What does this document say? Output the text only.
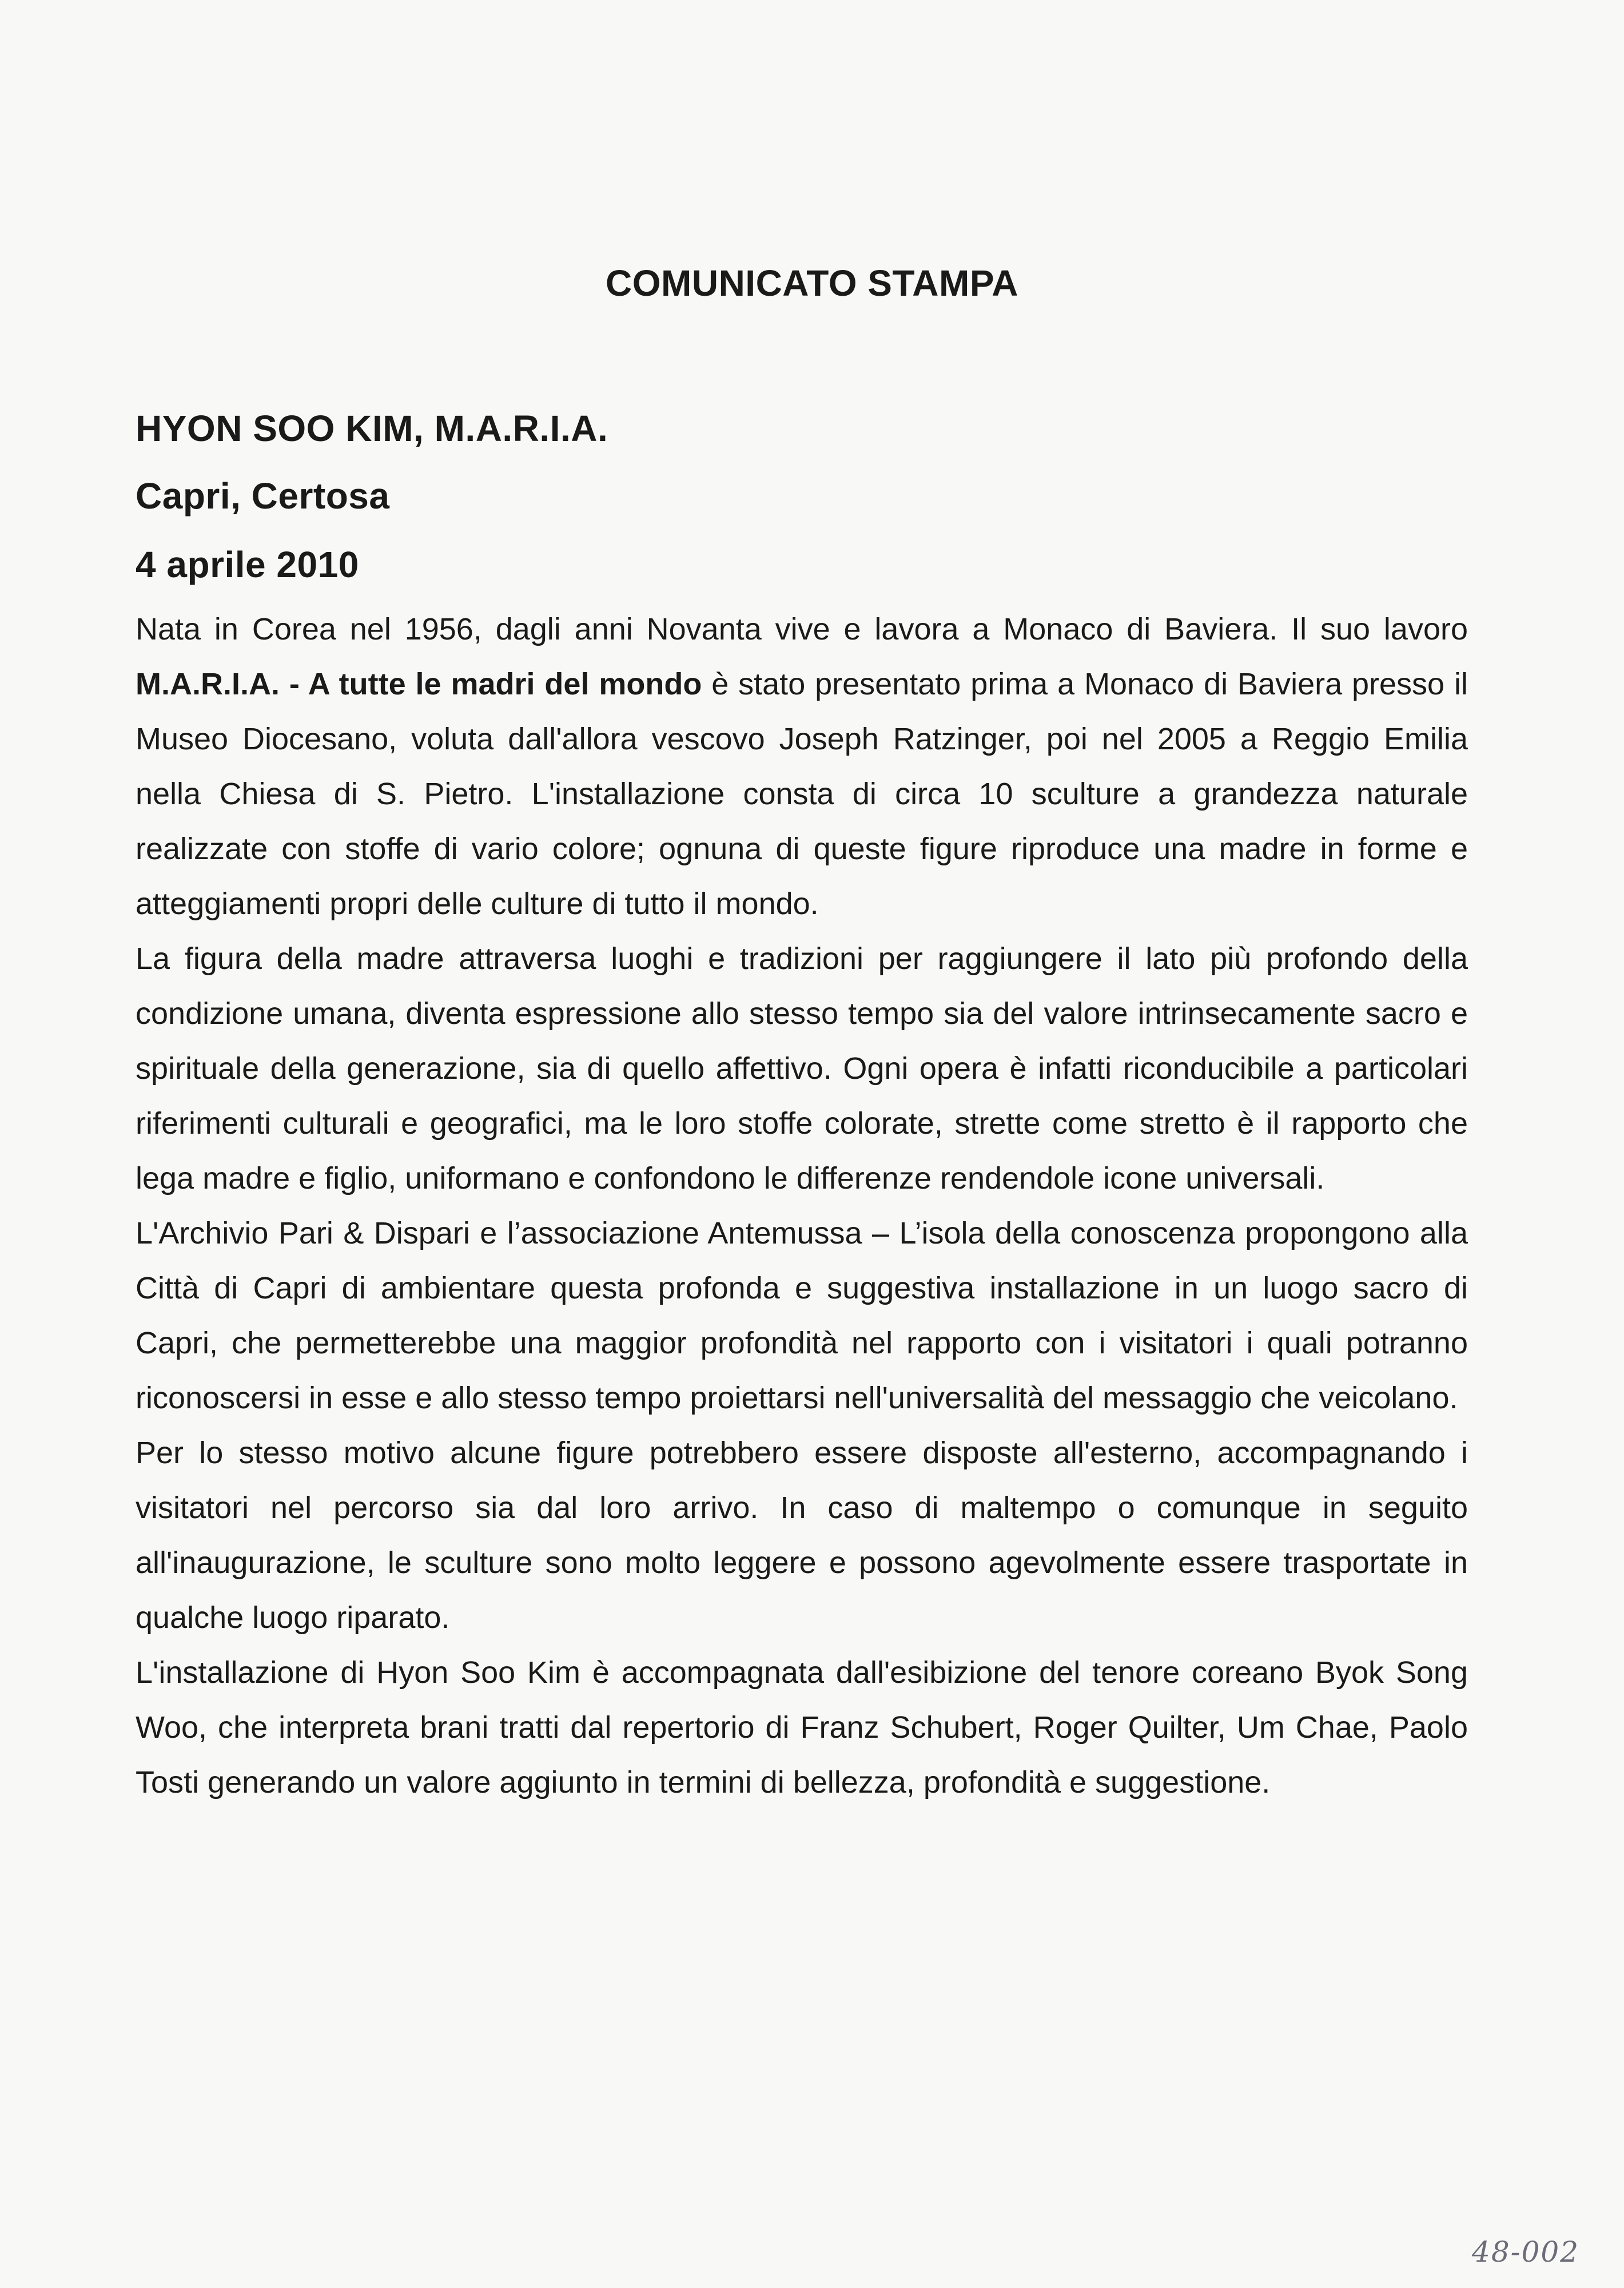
COMUNICATO STAMPA
HYON SOO KIM, M.A.R.I.A.
Capri, Certosa
4 aprile 2010

Nata in Corea nel 1956, dagli anni Novanta vive e lavora a Monaco di Baviera. Il suo lavoro M.A.R.I.A. - A tutte le madri del mondo è stato presentato prima a Monaco di Baviera presso il Museo Diocesano, voluta dall'allora vescovo Joseph Ratzinger, poi nel 2005 a Reggio Emilia nella Chiesa di S. Pietro. L'installazione consta di circa 10 sculture a grandezza naturale realizzate con stoffe di vario colore; ognuna di queste figure riproduce una madre in forme e atteggiamenti propri delle culture di tutto il mondo.

La figura della madre attraversa luoghi e tradizioni per raggiungere il lato più profondo della condizione umana, diventa espressione allo stesso tempo sia del valore intrinsecamente sacro e spirituale della generazione, sia di quello affettivo. Ogni opera è infatti riconducibile a particolari riferimenti culturali e geografici, ma le loro stoffe colorate, strette come stretto è il rapporto che lega madre e figlio, uniformano e confondono le differenze rendendole icone universali.

L'Archivio Pari & Dispari e l’associazione Antemussa – L’isola della conoscenza propongono alla Città di Capri di ambientare questa profonda e suggestiva installazione in un luogo sacro di Capri, che permetterebbe una maggior profondità nel rapporto con i visitatori i quali potranno riconoscersi in esse e allo stesso tempo proiettarsi nell'universalità del messaggio che veicolano.

Per lo stesso motivo alcune figure potrebbero essere disposte all'esterno, accompagnando i visitatori nel percorso sia dal loro arrivo. In caso di maltempo o comunque in seguito all'inaugurazione, le sculture sono molto leggere e possono agevolmente essere trasportate in qualche luogo riparato.

L'installazione di Hyon Soo Kim è accompagnata dall'esibizione del tenore coreano Byok Song Woo, che interpreta brani tratti dal repertorio di Franz Schubert, Roger Quilter, Um Chae, Paolo Tosti generando un valore aggiunto in termini di bellezza, profondità e suggestione.

48-002
